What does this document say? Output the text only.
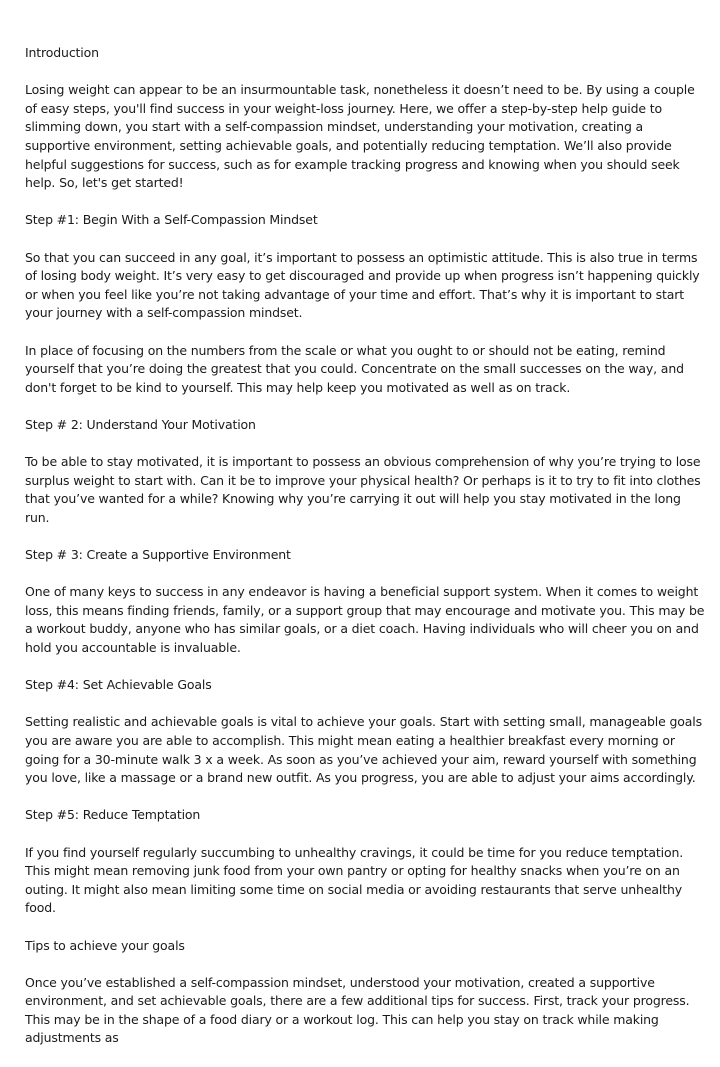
Introduction
Losing weight can appear to be an insurmountable task, nonetheless it doesn’t need to be. By using a couple of easy steps, you'll find success in your weight-loss journey. Here, we offer a step-by-step help guide to slimming down, you start with a self-compassion mindset, understanding your motivation, creating a supportive environment, setting achievable goals, and potentially reducing temptation. We’ll also provide helpful suggestions for success, such as for example tracking progress and knowing when you should seek help. So, let's get started!
Step #1: Begin With a Self-Compassion Mindset
So that you can succeed in any goal, it’s important to possess an optimistic attitude. This is also true in terms of losing body weight. It’s very easy to get discouraged and provide up when progress isn’t happening quickly or when you feel like you’re not taking advantage of your time and effort. That’s why it is important to start your journey with a self-compassion mindset.
In place of focusing on the numbers from the scale or what you ought to or should not be eating, remind yourself that you’re doing the greatest that you could. Concentrate on the small successes on the way, and don't forget to be kind to yourself. This may help keep you motivated as well as on track.
Step # 2: Understand Your Motivation
To be able to stay motivated, it is important to possess an obvious comprehension of why you’re trying to lose surplus weight to start with. Can it be to improve your physical health? Or perhaps is it to try to fit into clothes that you’ve wanted for a while? Knowing why you’re carrying it out will help you stay motivated in the long run.
Step # 3: Create a Supportive Environment
One of many keys to success in any endeavor is having a beneficial support system. When it comes to weight loss, this means finding friends, family, or a support group that may encourage and motivate you. This may be a workout buddy, anyone who has similar goals, or a diet coach. Having individuals who will cheer you on and hold you accountable is invaluable.
Step #4: Set Achievable Goals
Setting realistic and achievable goals is vital to achieve your goals. Start with setting small, manageable goals you are aware you are able to accomplish. This might mean eating a healthier breakfast every morning or going for a 30-minute walk 3 x a week. As soon as you’ve achieved your aim, reward yourself with something you love, like a massage or a brand new outfit. As you progress, you are able to adjust your aims accordingly.
Step #5: Reduce Temptation
If you find yourself regularly succumbing to unhealthy cravings, it could be time for you reduce temptation. This might mean removing junk food from your own pantry or opting for healthy snacks when you’re on an outing. It might also mean limiting some time on social media or avoiding restaurants that serve unhealthy food.
Tips to achieve your goals
Once you’ve established a self-compassion mindset, understood your motivation, created a supportive environment, and set achievable goals, there are a few additional tips for success. First, track your progress. This may be in the shape of a food diary or a workout log. This can help you stay on track while making adjustments as
